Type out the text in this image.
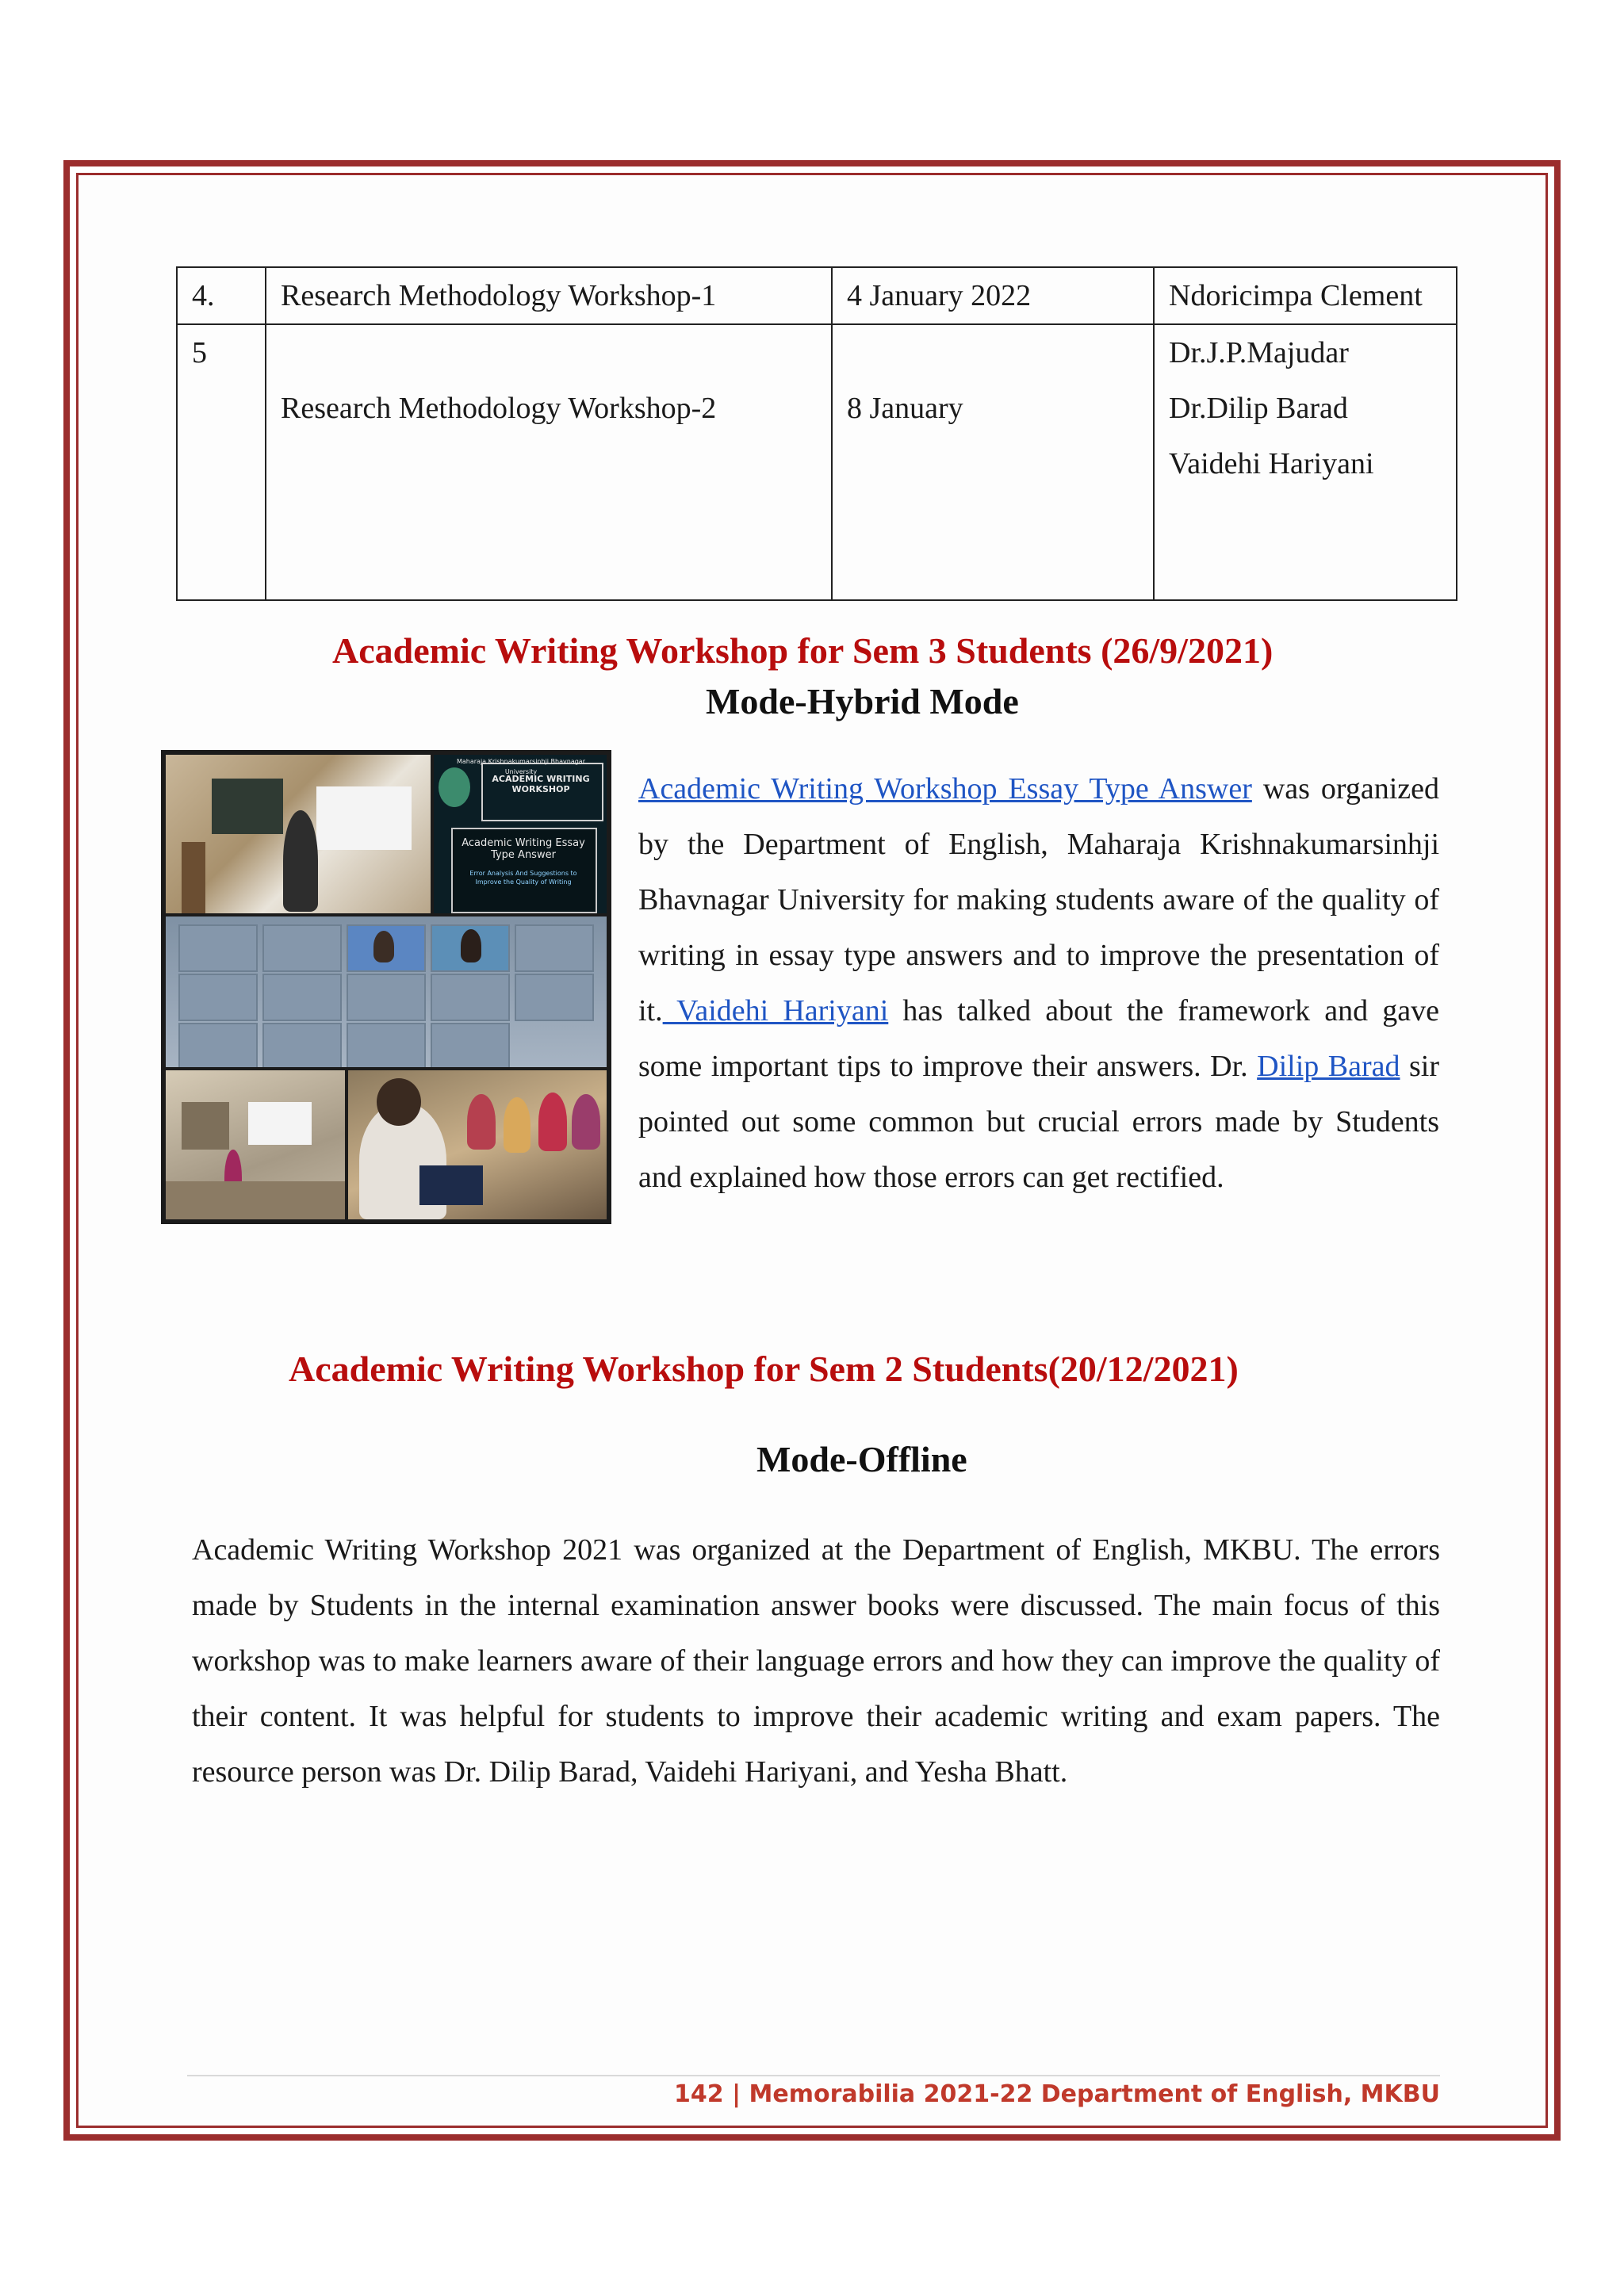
4.	Research Methodology Workshop-1	4 January 2022	Ndoricimpa Clement
5	Research Methodology Workshop-2	8 January	Dr.J.P.Majudar
Dr.Dilip Barad
Vaidehi Hariyani
Academic Writing Workshop for Sem 3 Students (26/9/2021)
Mode-Hybrid Mode
Maharaja Krishnakumarsinhji Bhavnagar University
ACADEMIC WRITING WORKSHOP
Academic Writing Essay Type Answer
Error Analysis And Suggestions to Improve the Quality of Writing

Academic Writing Workshop Essay Type Answer was organized by the Department of English, Maharaja Krishnakumarsinhji Bhavnagar University for making students aware of the quality of writing in essay type answers and to improve the presentation of it. Vaidehi Hariyani has talked about the framework and gave some important tips to improve their answers. Dr. Dilip Barad sir pointed out some common but crucial errors made by Students and explained how those errors can get rectified.

Academic Writing Workshop for Sem 2 Students(20/12/2021)
Mode-Offline

Academic Writing Workshop 2021 was organized at the Department of English, MKBU. The errors made by Students in the internal examination answer books were discussed. The main focus of this workshop was to make learners aware of their language errors and how they can improve the quality of their content. It was helpful for students to improve their academic writing and exam papers. The resource person was Dr. Dilip Barad, Vaidehi Hariyani, and Yesha Bhatt.

142 | Memorabilia 2021-22 Department of English, MKBU
